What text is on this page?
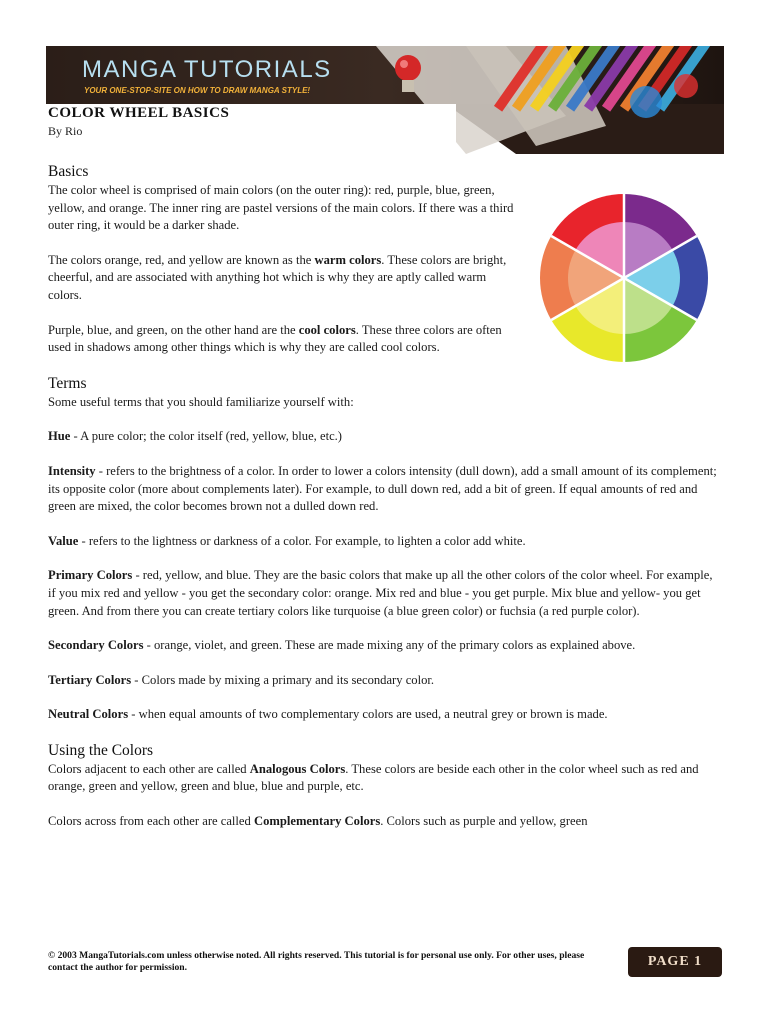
MANGA TUTORIALS
YOUR ONE-STOP-SITE ON HOW TO DRAW MANGA STYLE!
COLOR WHEEL BASICS
By Rio
Basics

The color wheel is comprised of main colors (on the outer ring): red, purple, blue, green, yellow, and orange. The inner ring are pastel versions of the main colors. If there was a third outer ring, it would be a darker shade.

The colors orange, red, and yellow are known as the warm colors. These colors are bright, cheerful, and are associated with anything hot which is why they are aptly called warm colors.

Purple, blue, and green, on the other hand are the cool colors. These three colors are often used in shadows among other things which is why they are called cool colors.

Terms

Some useful terms that you should familiarize yourself with:

Hue - A pure color; the color itself (red, yellow, blue, etc.)

Intensity - refers to the brightness of a color. In order to lower a colors intensity (dull down), add a small amount of its complement; its opposite color (more about complements later). For example, to dull down red, add a bit of green. If equal amounts of red and green are mixed, the color becomes brown not a dulled down red.

Value - refers to the lightness or darkness of a color. For example, to lighten a color add white.

Primary Colors - red, yellow, and blue. They are the basic colors that make up all the other colors of the color wheel. For example, if you mix red and yellow - you get the secondary color: orange. Mix red and blue - you get purple. Mix blue and yellow- you get green. And from there you can create tertiary colors like turquoise (a blue green color) or fuchsia (a red purple color).

Secondary Colors - orange, violet, and green. These are made mixing any of the primary colors as explained above.

Tertiary Colors - Colors made by mixing a primary and its secondary color.

Neutral Colors - when equal amounts of two complementary colors are used, a neutral grey or brown is made.

Using the Colors

Colors adjacent to each other are called Analogous Colors. These colors are beside each other in the color wheel such as red and orange, green and yellow, green and blue, blue and purple, etc.

Colors across from each other are called Complementary Colors. Colors such as purple and yellow, green

© 2003 MangaTutorials.com unless otherwise noted. All rights reserved. This tutorial is for personal use only. For other uses, please contact the author for permission.	PAGE 1
